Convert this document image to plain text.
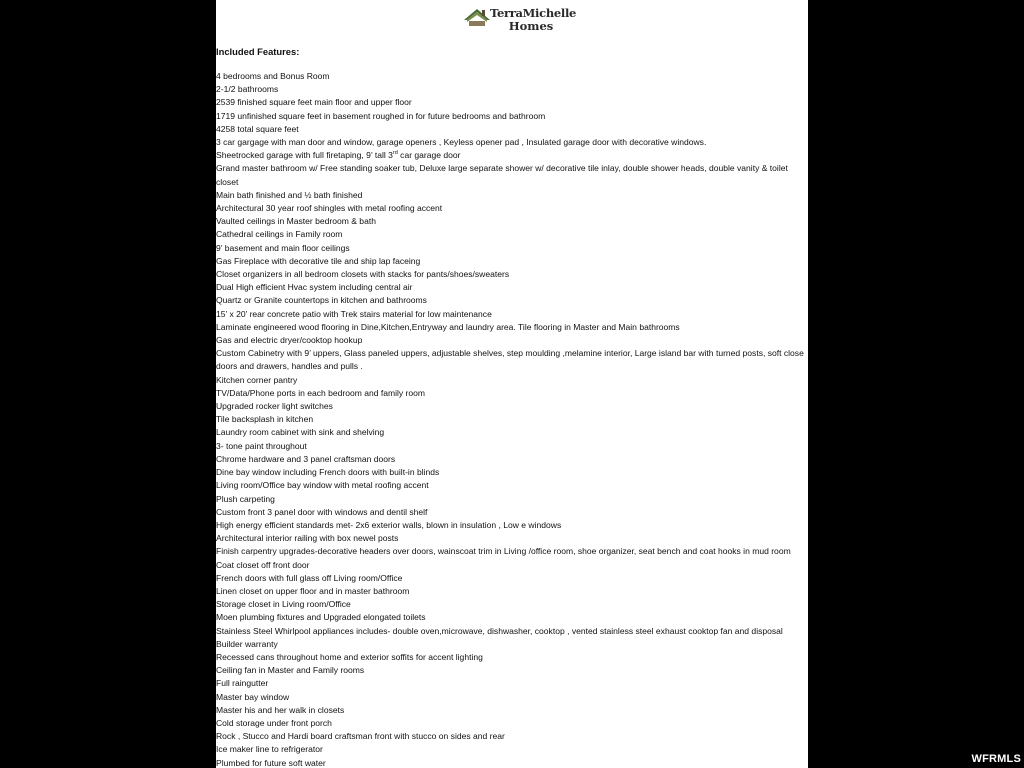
TerraMichelle
Homes
Included Features:
4 bedrooms and Bonus Room
2-1/2 bathrooms
2539 finished square feet main floor and upper floor
1719 unfinished square feet in basement roughed in for future bedrooms and bathroom
4258 total square feet
3 car gargage with man door and window, garage openers , Keyless opener pad , Insulated garage door with decorative windows.
Sheetrocked garage with full firetaping, 9’ tall 3rd car garage door
Grand master bathroom w/ Free standing soaker tub, Deluxe large separate shower w/ decorative tile inlay, double shower heads, double vanity & toilet closet
Main bath finished and ½ bath finished
Architectural 30 year roof shingles with metal roofing accent
Vaulted ceilings in Master bedroom & bath
Cathedral ceilings in Family room
9’ basement and main floor ceilings
Gas Fireplace with decorative tile and ship lap faceing
Closet organizers in all bedroom closets with stacks for pants/shoes/sweaters
Dual High efficient Hvac system including central air
Quartz or Granite countertops in kitchen and bathrooms
15’ x 20’ rear concrete patio with Trek stairs material for low maintenance
Laminate engineered wood flooring in Dine,Kitchen,Entryway and laundry area. Tile flooring in Master and Main bathrooms
Gas and electric dryer/cooktop hookup
Custom Cabinetry with 9’ uppers, Glass paneled uppers, adjustable shelves, step moulding ,melamine interior, Large island bar with turned posts, soft close doors and drawers, handles and pulls .
Kitchen corner pantry
TV/Data/Phone ports in each bedroom and family room
Upgraded rocker light switches
Tile backsplash in kitchen
Laundry room cabinet with sink and shelving
3- tone paint throughout
Chrome hardware and 3 panel craftsman doors
Dine bay window including French doors with built-in blinds
Living room/Office bay window with metal roofing accent
Plush carpeting
Custom front 3 panel door with windows and dentil shelf
High energy efficient standards met- 2x6 exterior walls, blown in insulation , Low e windows
Architectural interior railing with box newel posts
Finish carpentry upgrades-decorative headers over doors, wainscoat trim in Living /office room, shoe organizer, seat bench and coat hooks in mud room
Coat closet off front door
French doors with full glass off Living room/Office
Linen closet on upper floor and in master bathroom
Storage closet in Living room/Office
Moen plumbing fixtures and Upgraded elongated toilets
Stainless Steel Whirlpool appliances includes- double oven,microwave, dishwasher, cooktop , vented stainless steel exhaust cooktop fan and disposal
Builder warranty
Recessed cans throughout home and exterior soffits for accent lighting
Ceiling fan in Master and Family rooms
Full raingutter
Master bay window
Master his and her walk in closets
Cold storage under front porch
Rock , Stucco and Hardi board craftsman front with stucco on sides and rear
Ice maker line to refrigerator
Plumbed for future soft water	WFRMLS
